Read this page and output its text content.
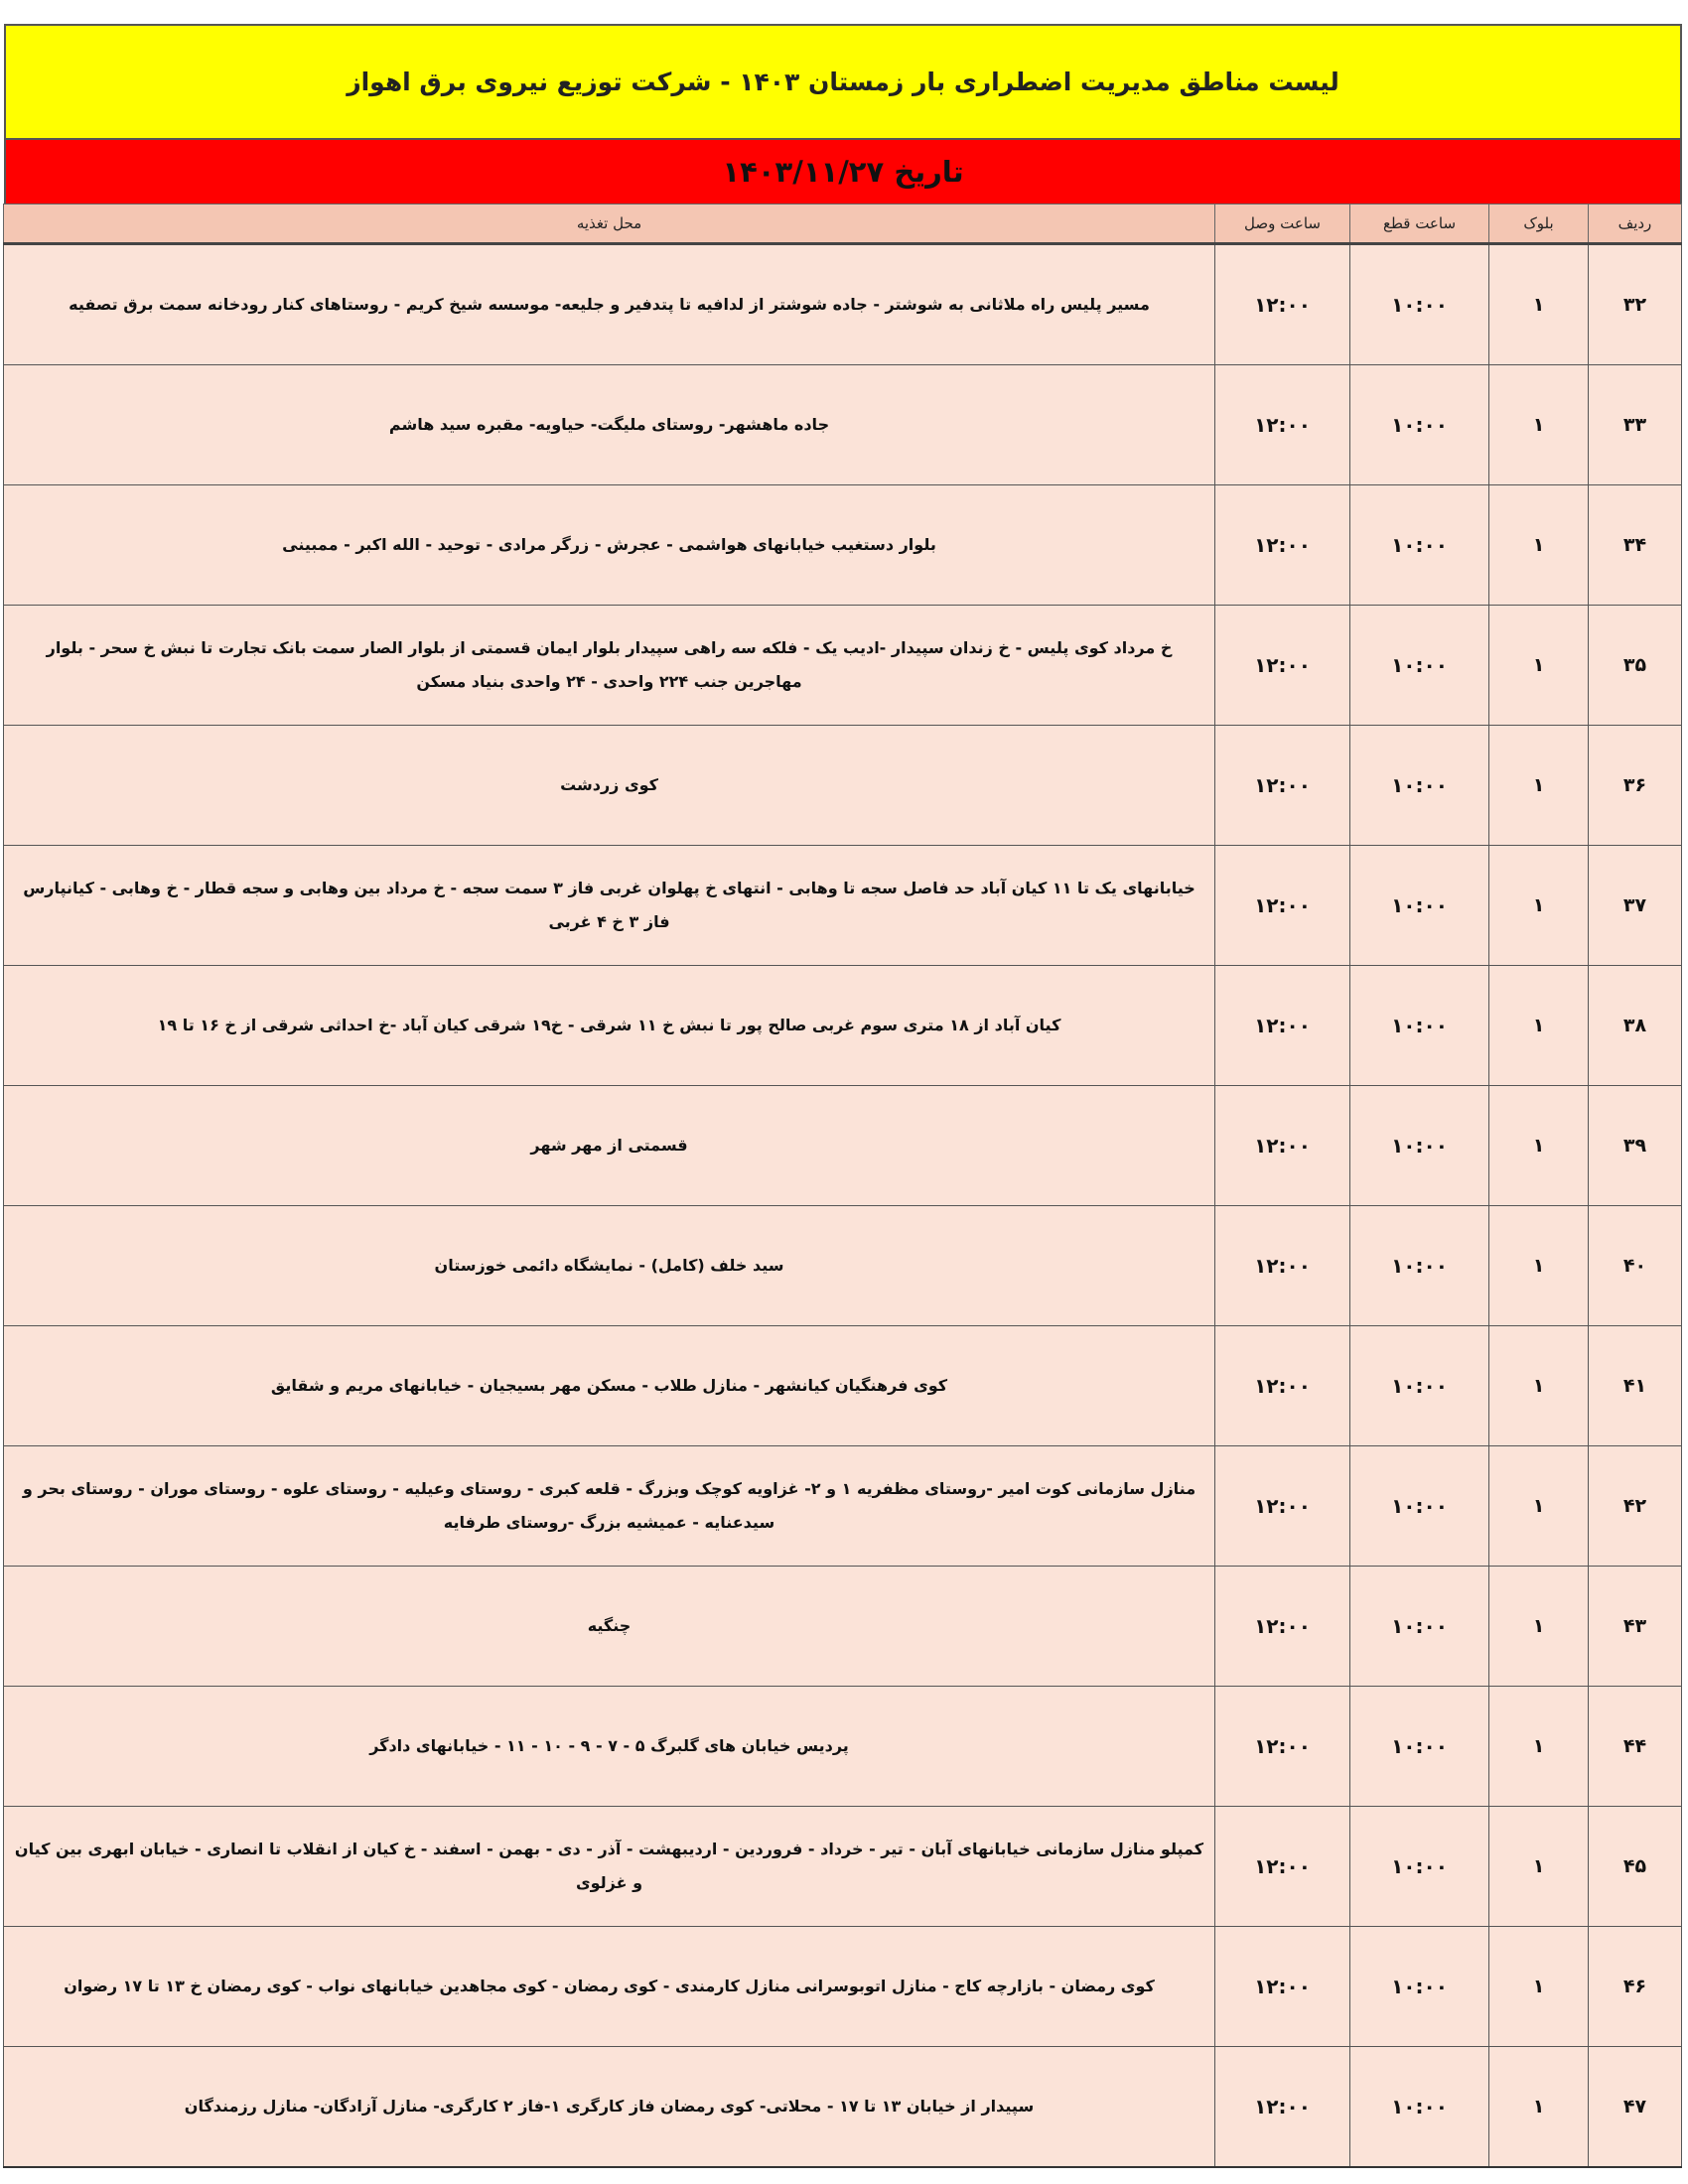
لیست مناطق مدیریت اضطراری بار زمستان ۱۴۰۳ - شرکت توزیع نیروی برق اهواز
تاریخ ۱۴۰۳/۱۱/۲۷
ردیف	بلوک	ساعت قطع	ساعت وصل	محل تغذیه
۳۲	۱	۱۰:۰۰	۱۲:۰۰	مسیر پلیس راه ملاثانی به شوشتر - جاده شوشتر از لدافیه تا پتدفیر و جلیعه- موسسه شیخ کریم - روستاهای کنار رودخانه سمت برق تصفیه
۳۳	۱	۱۰:۰۰	۱۲:۰۰	جاده ماهشهر- روستای ملیگت- حیاویه- مقبره سید هاشم
۳۴	۱	۱۰:۰۰	۱۲:۰۰	بلوار دستغیب خیابانهای هواشمی - عجرش - زرگر مرادی - توحید - الله اکبر - ممبینی
۳۵	۱	۱۰:۰۰	۱۲:۰۰	خ مرداد کوی پلیس - خ زندان سپیدار -ادیب یک - فلکه سه راهی سپیدار بلوار ایمان قسمتی از بلوار الصار سمت بانک تجارت تا نبش خ سحر - بلوار مهاجرین جنب ۲۲۴ واحدی - ۲۴ واحدی بنیاد مسکن
۳۶	۱	۱۰:۰۰	۱۲:۰۰	کوی زردشت
۳۷	۱	۱۰:۰۰	۱۲:۰۰	خیابانهای یک تا ۱۱ کیان آباد حد فاصل سجه تا وهابی - انتهای خ پهلوان غربی فاز ۳ سمت سجه - خ مرداد بین وهابی و سجه قطار - خ وهابی - کیانپارس فاز ۳ خ ۴ غربی
۳۸	۱	۱۰:۰۰	۱۲:۰۰	کیان آباد از ۱۸ متری سوم غربی صالح پور تا نبش خ ۱۱ شرقی - خ۱۹ شرقی کیان آباد -خ احداثی شرقی از خ ۱۶ تا ۱۹
۳۹	۱	۱۰:۰۰	۱۲:۰۰	قسمتی از مهر شهر
۴۰	۱	۱۰:۰۰	۱۲:۰۰	سید خلف (کامل) - نمایشگاه دائمی خوزستان
۴۱	۱	۱۰:۰۰	۱۲:۰۰	کوی فرهنگیان کیانشهر - منازل طلاب - مسکن مهر بسیجیان - خیابانهای مریم و شقایق
۴۲	۱	۱۰:۰۰	۱۲:۰۰	منازل سازمانی کوت امیر -روستای مظفریه ۱ و ۲- غزاویه کوچک وبزرگ - قلعه کبری - روستای وعیلیه - روستای علوه - روستای موران - روستای بحر و سیدعنایه - عمیشیه بزرگ -روستای طرفایه
۴۳	۱	۱۰:۰۰	۱۲:۰۰	چنگیه
۴۴	۱	۱۰:۰۰	۱۲:۰۰	پردیس خیابان های گلبرگ ۵ - ۷ - ۹ - ۱۰ - ۱۱ - خیابانهای دادگر
۴۵	۱	۱۰:۰۰	۱۲:۰۰	کمپلو منازل سازمانی خیابانهای آبان - تیر - خرداد - فروردین - اردیبهشت - آذر - دی - بهمن - اسفند - خ کیان از انقلاب تا انصاری - خیابان ابهری بین کیان و غزلوی
۴۶	۱	۱۰:۰۰	۱۲:۰۰	کوی رمضان - بازارچه کاج - منازل اتوبوسرانی منازل کارمندی - کوی رمضان - کوی مجاهدین خیابانهای نواب - کوی رمضان خ ۱۳ تا ۱۷ رضوان
۴۷	۱	۱۰:۰۰	۱۲:۰۰	سپیدار از خیابان ۱۳ تا ۱۷ - محلاتی- کوی رمضان فاز کارگری ۱-فاز ۲ کارگری- منازل آزادگان- منازل رزمندگان
